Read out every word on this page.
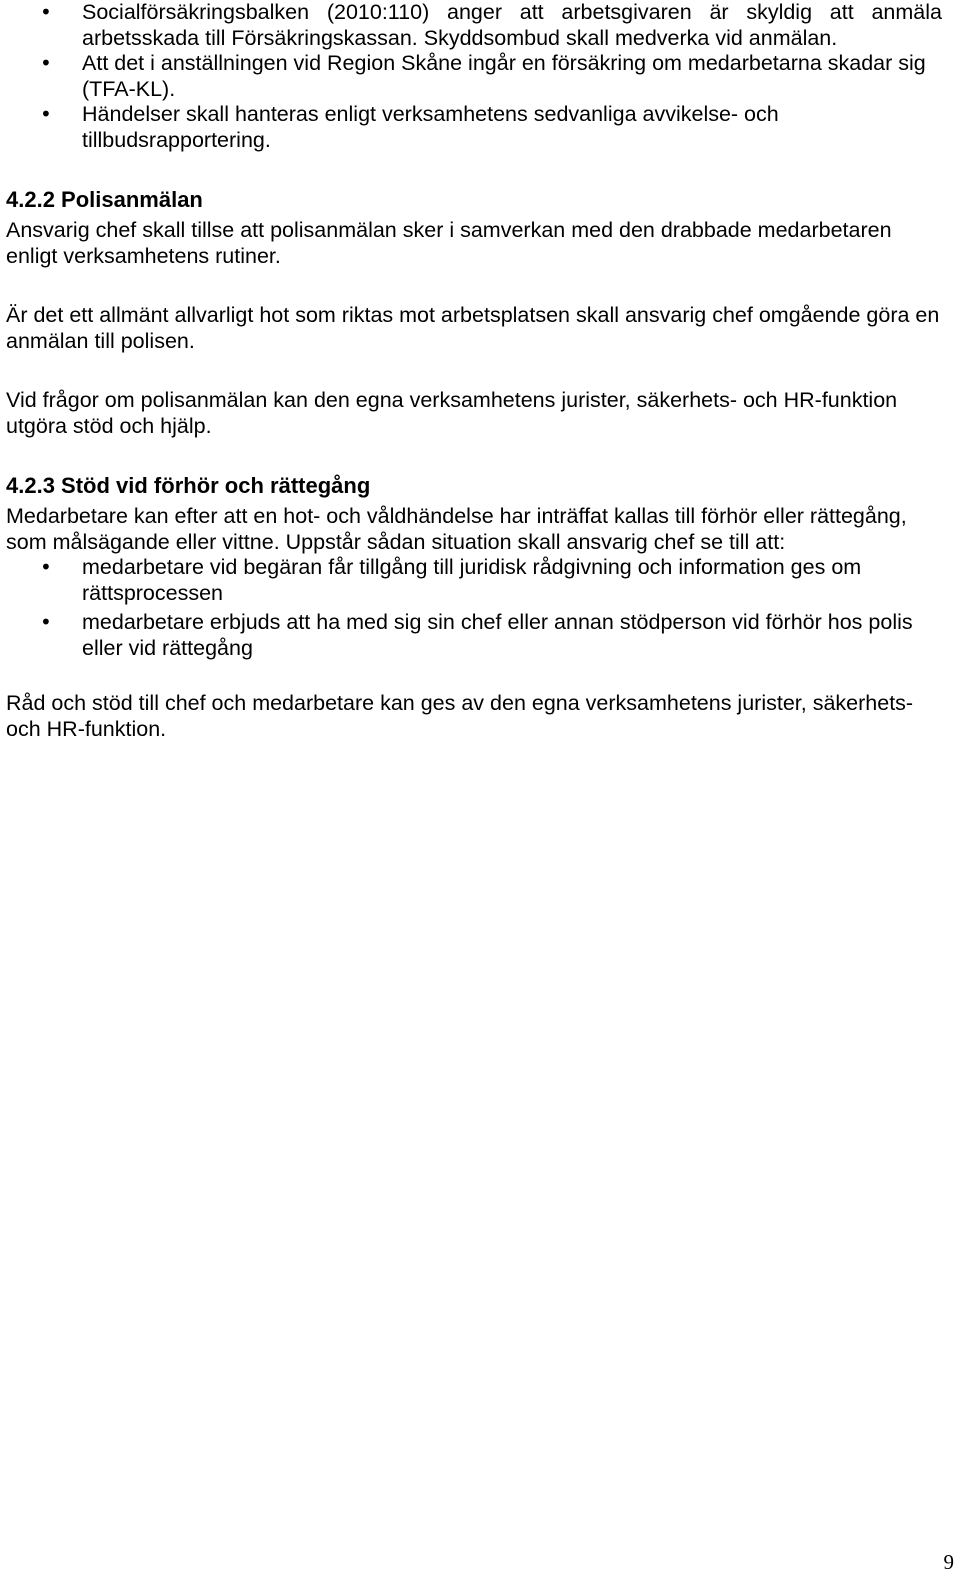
• Socialförsäkringsbalken (2010:110) anger att arbetsgivaren är skyldig att anmäla arbetsskada till Försäkringskassan. Skyddsombud skall medverka vid anmälan.
• Att det i anställningen vid Region Skåne ingår en försäkring om medarbetarna skadar sig (TFA-KL).
• Händelser skall hanteras enligt verksamhetens sedvanliga avvikelse- och tillbudsrapportering.
4.2.2 Polisanmälan

Ansvarig chef skall tillse att polisanmälan sker i samverkan med den drabbade medarbetaren enligt verksamhetens rutiner.

Är det ett allmänt allvarligt hot som riktas mot arbetsplatsen skall ansvarig chef omgående göra en anmälan till polisen.

Vid frågor om polisanmälan kan den egna verksamhetens jurister, säkerhets- och HR-funktion utgöra stöd och hjälp.

4.2.3 Stöd vid förhör och rättegång

Medarbetare kan efter att en hot- och våldhändelse har inträffat kallas till förhör eller rättegång, som målsägande eller vittne. Uppstår sådan situation skall ansvarig chef se till att:

• medarbetare vid begäran får tillgång till juridisk rådgivning och information ges om rättsprocessen
• medarbetare erbjuds att ha med sig sin chef eller annan stödperson vid förhör hos polis eller vid rättegång

Råd och stöd till chef och medarbetare kan ges av den egna verksamhetens jurister, säkerhets- och HR-funktion.

9
